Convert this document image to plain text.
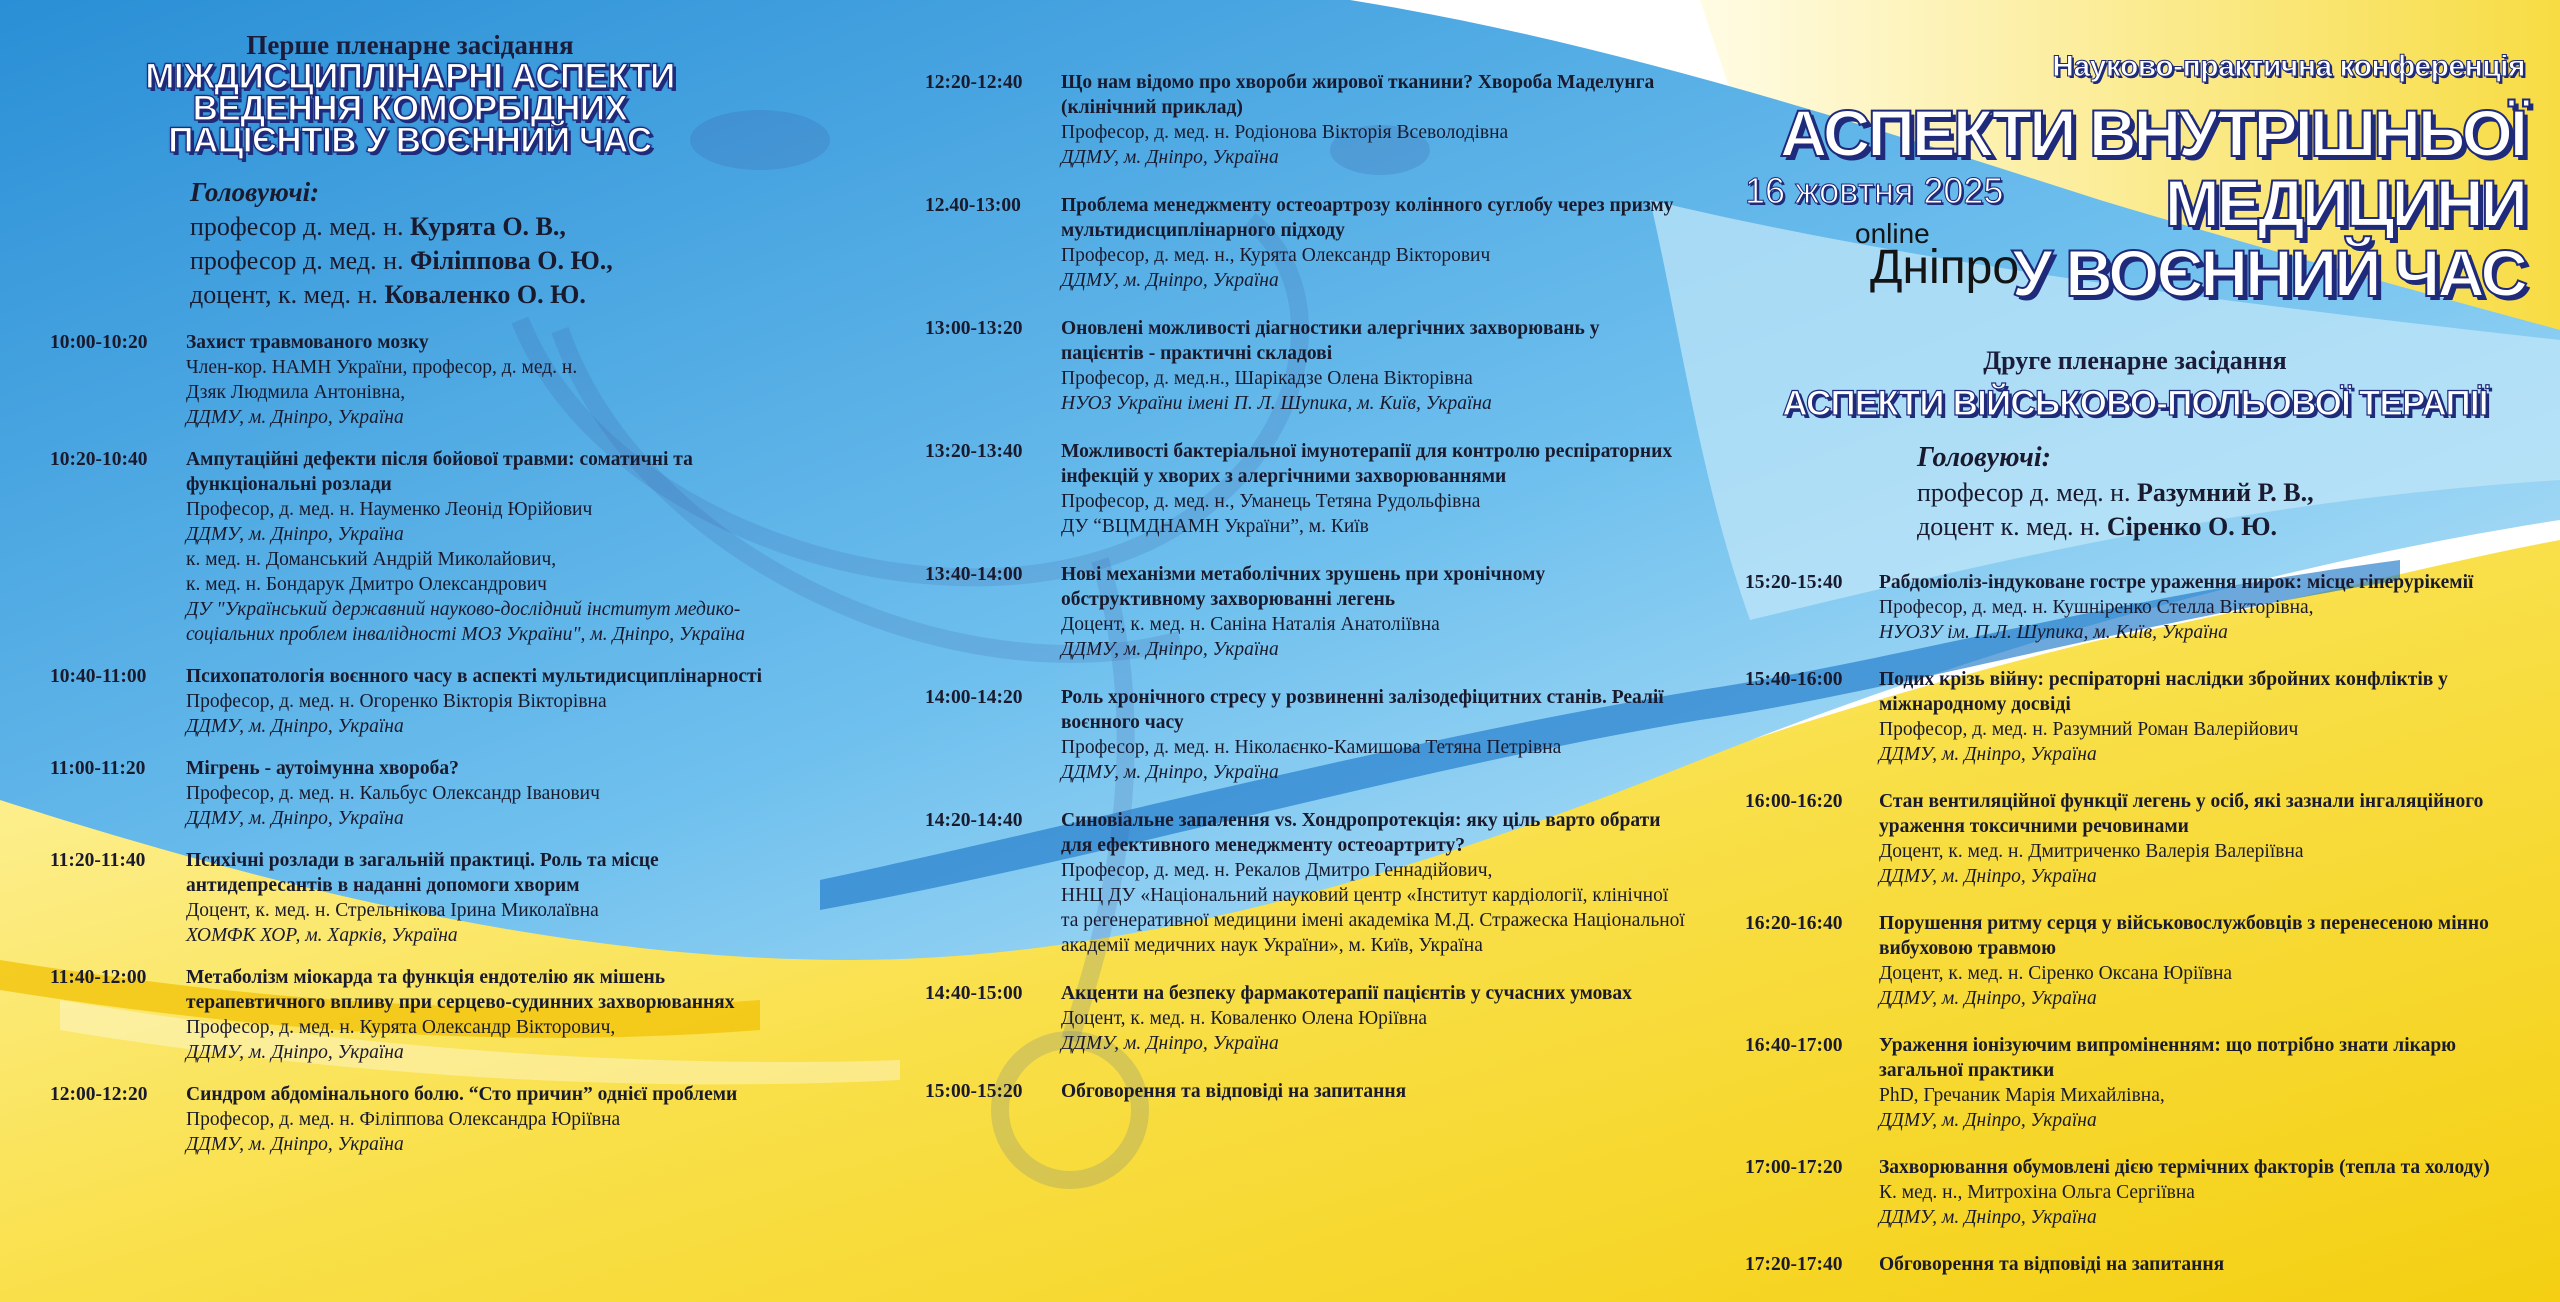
Перше пленарне засідання
МІЖДИСЦИПЛІНАРНІ АСПЕКТИ
ВЕДЕННЯ КОМОРБІДНИХ
ПАЦІЄНТІВ У ВОЄННИЙ ЧАС
Головуючі:
професор д. мед. н. Курята О. В.,
професор д. мед. н. Філіппова О. Ю.,
доцент, к. мед. н. Коваленко О. Ю.
10:00-10:20	Захист травмованого мозку
Член-кор. НАМН України, професор, д. мед. н.
Дзяк Людмила Антонівна,
ДДМУ, м. Дніпро, Україна
10:20-10:40	Ампутаційні дефекти після бойової травми: соматичні та функціональні розлади
Професор, д. мед. н. Науменко Леонід Юрійович
ДДМУ, м. Дніпро, Україна
к. мед. н. Доманський Андрій Миколайович,
к. мед. н. Бондарук Дмитро Олександрович
ДУ "Український державний науково-дослідний інститут медико-соціальних проблем інвалідності МОЗ України", м. Дніпро, Україна
10:40-11:00	Психопатологія воєнного часу в аспекті мультидисциплінарності
Професор, д. мед. н. Огоренко Вікторія Вікторівна
ДДМУ, м. Дніпро, Україна
11:00-11:20	Мігрень - аутоімунна хвороба?
Професор, д. мед. н. Кальбус Олександр Іванович
ДДМУ, м. Дніпро, Україна
11:20-11:40	Психічні розлади в загальній практиці. Роль та місце антидепресантів в наданні допомоги хворим
Доцент, к. мед. н. Стрельнікова Ірина Миколаївна
ХОМФК ХОР, м. Харків, Україна
11:40-12:00	Метаболізм міокарда та функція ендотелію як мішень терапевтичного впливу при серцево-судинних захворюваннях
Професор, д. мед. н. Курята Олександр Вікторович,
ДДМУ, м. Дніпро, Україна
12:00-12:20	Синдром абдомінального болю. “Сто причин” однієї проблеми
Професор, д. мед. н. Філіппова Олександра Юріївна
ДДМУ, м. Дніпро, Україна
12:20-12:40	Що нам відомо про хвороби жирової тканини? Хвороба Маделунга (клінічний приклад)
Професор, д. мед. н. Родіонова Вікторія Всеволодівна
ДДМУ, м. Дніпро, Україна
12.40-13:00	Проблема менеджменту остеоартрозу колінного суглобу через призму мультидисциплінарного підходу
Професор, д. мед. н., Курята Олександр Вікторович
ДДМУ, м. Дніпро, Україна
13:00-13:20	Оновлені можливості діагностики алергічних захворювань у пацієнтів - практичні складові
Професор, д. мед.н., Шарікадзе Олена Вікторівна
НУОЗ України імені П. Л. Шупика, м. Київ, Україна
13:20-13:40	Можливості бактеріальної імунотерапії для контролю респіраторних інфекцій у хворих з алергічними захворюваннями
Професор, д. мед. н., Уманець Тетяна Рудольфівна
ДУ “ВЦМДНАМН України”, м. Київ
13:40-14:00	Нові механізми метаболічних зрушень при хронічному обструктивному захворюванні легень
Доцент, к. мед. н. Саніна Наталія Анатоліївна
ДДМУ, м. Дніпро, Україна
14:00-14:20	Роль хронічного стресу у розвиненні залізодефіцитних станів. Реалії воєнного часу
Професор, д. мед. н. Ніколаєнко-Камишова Тетяна Петрівна
ДДМУ, м. Дніпро, Україна
14:20-14:40	Синовіальне запалення vs. Хондропротекція: яку ціль варто обрати для ефективного менеджменту остеоартриту?
Професор, д. мед. н. Рекалов Дмитро Геннадійович,
ННЦ ДУ «Національний науковий центр «Інститут кардіології, клінічної та регенеративної медицини імені академіка М.Д. Стражеска Національної академії медичних наук України», м. Київ, Україна
14:40-15:00	Акценти на безпеку фармакотерапії пацієнтів у сучасних умовах
Доцент, к. мед. н. Коваленко Олена Юріївна
ДДМУ, м. Дніпро, Україна
15:00-15:20	Обговорення та відповіді на запитання
Науково-практична конференція
АСПЕКТИ ВНУТРІШНЬОЇ МЕДИЦИНИ
У ВОЄННИЙ ЧАС
16 жовтня 2025
online
Дніпро
Друге пленарне засідання
АСПЕКТИ ВІЙСЬКОВО-ПОЛЬОВОЇ ТЕРАПІЇ
Головуючі:
професор д. мед. н. Разумний Р. В.,
доцент к. мед. н. Сіренко О. Ю.
15:20-15:40	Рабдоміоліз-індуковане гостре ураження нирок: місце гіперурікемії
Професор, д. мед. н. Кушніренко Стелла Вікторівна,
НУОЗУ ім. П.Л. Шупика, м. Київ, Україна
15:40-16:00	Подих крізь війну: респіраторні наслідки збройних конфліктів у міжнародному досвіді
Професор, д. мед. н. Разумний Роман Валерійович
ДДМУ, м. Дніпро, Україна
16:00-16:20	Стан вентиляційної функції легень у осіб, які зазнали інгаляційного ураження токсичними речовинами
Доцент, к. мед. н. Дмитриченко Валерія Валеріївна
ДДМУ, м. Дніпро, Україна
16:20-16:40	Порушення ритму серця у військовослужбовців з перенесеною мінно вибуховою травмою
Доцент, к. мед. н. Сіренко Оксана Юріївна
ДДМУ, м. Дніпро, Україна
16:40-17:00	Ураження іонізуючим випроміненням: що потрібно знати лікарю загальної практики
PhD, Гречаник Марія Михайлівна,
ДДМУ, м. Дніпро, Україна
17:00-17:20	Захворювання обумовлені дією термічних факторів (тепла та холоду)
К. мед. н., Митрохіна Ольга Сергіївна
ДДМУ, м. Дніпро, Україна
17:20-17:40	Обговорення та відповіді на запитання
